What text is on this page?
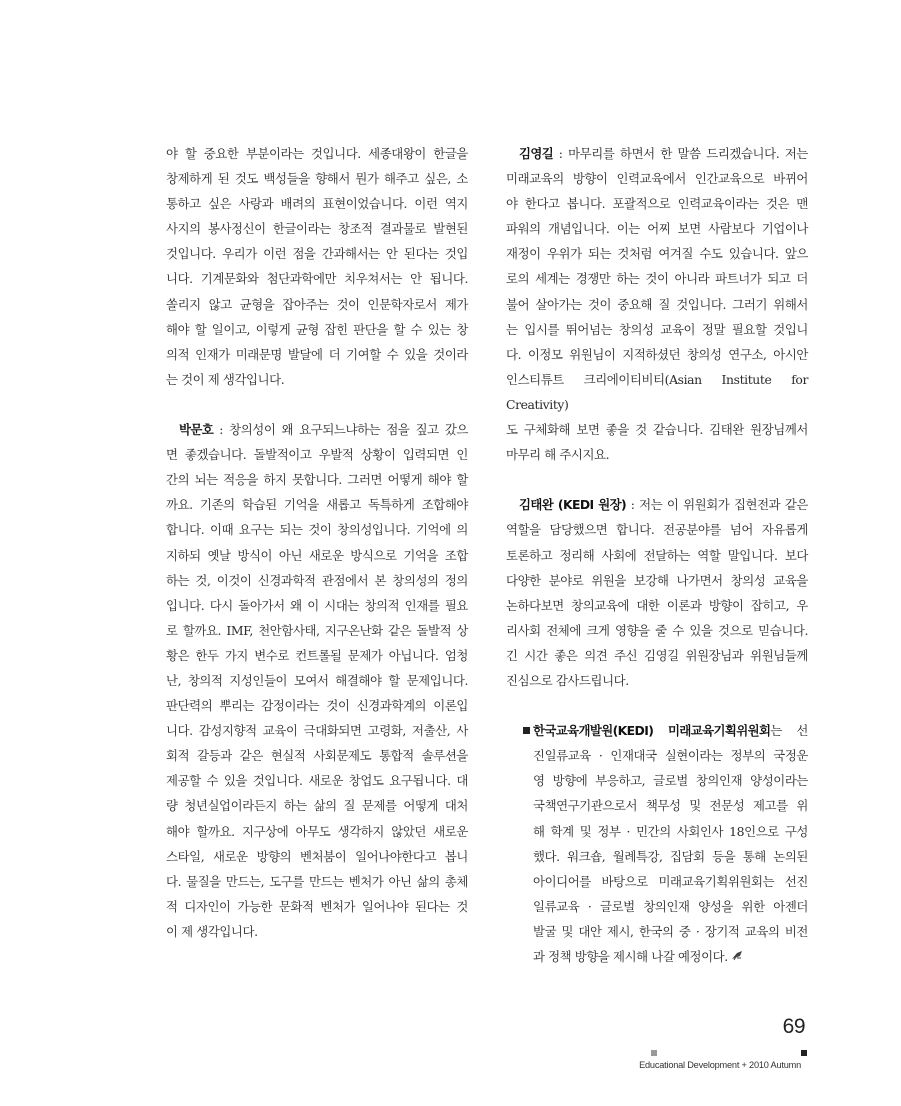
야 할 중요한 부분이라는 것입니다. 세종대왕이 한글을

창제하게 된 것도 백성들을 향해서 뭔가 해주고 싶은, 소

통하고 싶은 사랑과 배려의 표현이었습니다. 이런 역지

사지의 봉사정신이 한글이라는 창조적 결과물로 발현된

것입니다. 우리가 이런 점을 간과해서는 안 된다는 것입

니다. 기계문화와 첨단과학에만 치우쳐서는 안 됩니다.

쏠리지 않고 균형을 잡아주는 것이 인문학자로서 제가

해야 할 일이고, 이렇게 균형 잡힌 판단을 할 수 있는 창

의적 인재가 미래문명 발달에 더 기여할 수 있을 것이라

는 것이 제 생각입니다.

박문호 : 창의성이 왜 요구되느냐하는 점을 짚고 갔으

면 좋겠습니다. 돌발적이고 우발적 상황이 입력되면 인

간의 뇌는 적응을 하지 못합니다. 그러면 어떻게 해야 할

까요. 기존의 학습된 기억을 새롭고 독특하게 조합해야

합니다. 이때 요구는 되는 것이 창의성입니다. 기억에 의

지하되 옛날 방식이 아닌 새로운 방식으로 기억을 조합

하는 것, 이것이 신경과학적 관점에서 본 창의성의 정의

입니다. 다시 돌아가서 왜 이 시대는 창의적 인재를 필요

로 할까요. IMF, 천안함사태, 지구온난화 같은 돌발적 상

황은 한두 가지 변수로 컨트롤될 문제가 아닙니다. 엄청

난, 창의적 지성인들이 모여서 해결해야 할 문제입니다.

판단력의 뿌리는 감정이라는 것이 신경과학계의 이론입

니다. 감성지향적 교육이 극대화되면 고령화, 저출산, 사

회적 갈등과 같은 현실적 사회문제도 통합적 솔루션을

제공할 수 있을 것입니다. 새로운 창업도 요구됩니다. 대

량 청년실업이라든지 하는 삶의 질 문제를 어떻게 대처

해야 할까요. 지구상에 아무도 생각하지 않았던 새로운

스타일, 새로운 방향의 벤처붐이 일어나야한다고 봅니

다. 물질을 만드는, 도구를 만드는 벤처가 아닌 삶의 총체

적 디자인이 가능한 문화적 벤처가 일어나야 된다는 것

이 제 생각입니다.

김영길 : 마무리를 하면서 한 말씀 드리겠습니다. 저는

미래교육의 방향이 인력교육에서 인간교육으로 바뀌어

야 한다고 봅니다. 포괄적으로 인력교육이라는 것은 맨

파워의 개념입니다. 이는 어찌 보면 사람보다 기업이나

재정이 우위가 되는 것처럼 여겨질 수도 있습니다. 앞으

로의 세계는 경쟁만 하는 것이 아니라 파트너가 되고 더

불어 살아가는 것이 중요해 질 것입니다. 그러기 위해서

는 입시를 뛰어넘는 창의성 교육이 정말 필요할 것입니

다. 이정모 위원님이 지적하셨던 창의성 연구소, 아시안

인스티튜트 크리에이티비티(Asian Institute for Creativity)

도 구체화해 보면 좋을 것 같습니다. 김태완 원장님께서

마무리 해 주시지요.

김태완 (KEDI 원장) : 저는 이 위원회가 집현전과 같은

역할을 담당했으면 합니다. 전공분야를 넘어 자유롭게

토론하고 정리해 사회에 전달하는 역할 말입니다. 보다

다양한 분야로 위원을 보강해 나가면서 창의성 교육을

논하다보면 창의교육에 대한 이론과 방향이 잡히고, 우

리사회 전체에 크게 영향을 줄 수 있을 것으로 믿습니다.

긴 시간 좋은 의견 주신 김영길 위원장님과 위원님들께

진심으로 감사드립니다.

한국교육개발원(KEDI) 미래교육기획위원회는 선

진일류교육 · 인재대국 실현이라는 정부의 국정운

영 방향에 부응하고, 글로벌 창의인재 양성이라는

국책연구기관으로서 책무성 및 전문성 제고를 위

해 학계 및 정부 · 민간의 사회인사 18인으로 구성

했다. 워크숍, 월례특강, 집담회 등을 통해 논의된

아이디어를 바탕으로 미래교육기획위원회는 선진

일류교육 · 글로벌 창의인재 양성을 위한 아젠더

발굴 및 대안 제시, 한국의 중 · 장기적 교육의 비전

과 정책 방향을 제시해 나갈 예정이다.

69
Educational Development + 2010 Autumn
